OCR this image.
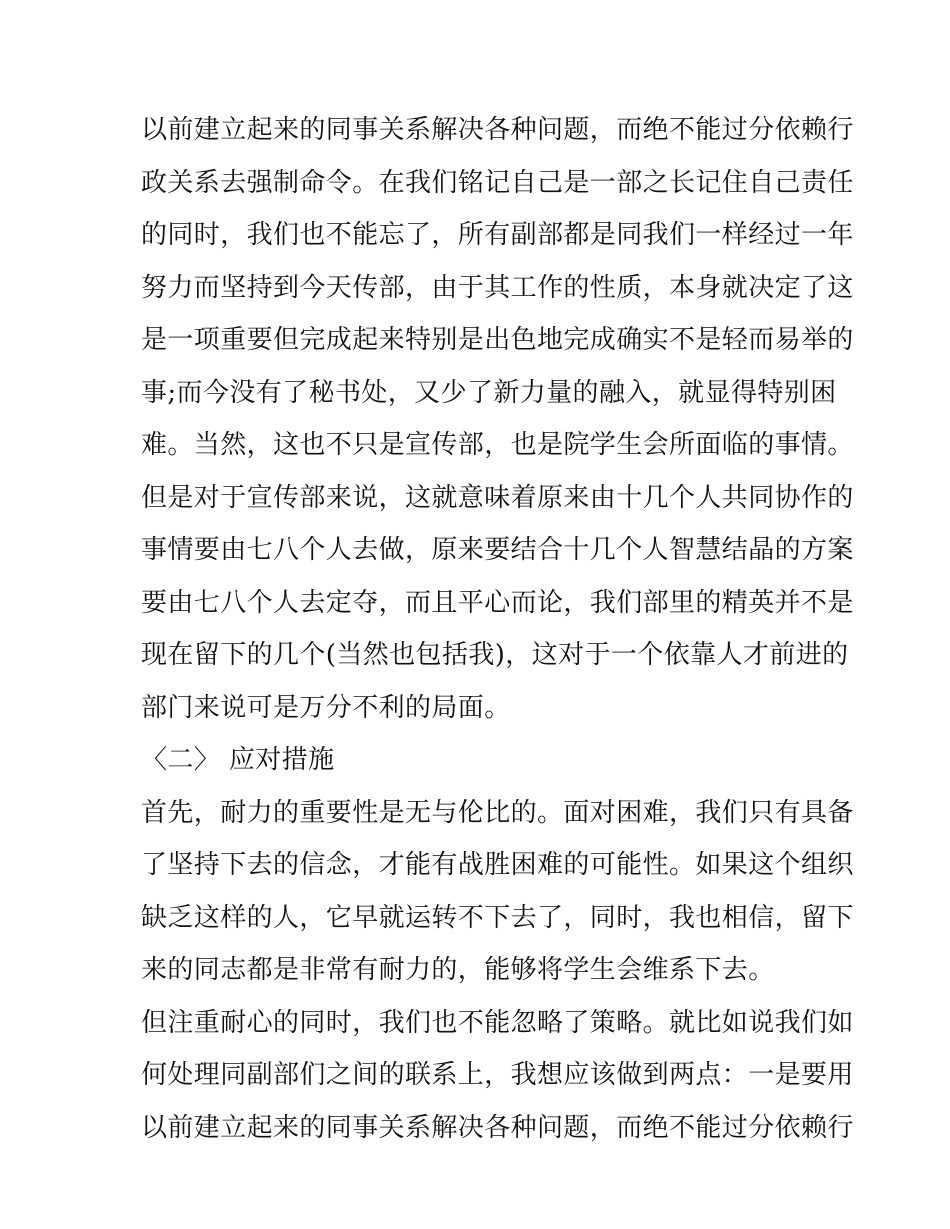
以前建立起来的同事关系解决各种问题，而绝不能过分依赖行
政关系去强制命令。在我们铭记自己是一部之长记住自己责任
的同时，我们也不能忘了，所有副部都是同我们一样经过一年
努力而坚持到今天传部，由于其工作的性质，本身就决定了这
是一项重要但完成起来特别是出色地完成确实不是轻而易举的
事;而今没有了秘书处，又少了新力量的融入，就显得特别困
难。当然，这也不只是宣传部，也是院学生会所面临的事情。
但是对于宣传部来说，这就意味着原来由十几个人共同协作的
事情要由七八个人去做，原来要结合十几个人智慧结晶的方案
要由七八个人去定夺，而且平心而论，我们部里的精英并不是
现在留下的几个(当然也包括我)，这对于一个依靠人才前进的
部门来说可是万分不利的局面。
〈二〉 应对措施
首先，耐力的重要性是无与伦比的。面对困难，我们只有具备
了坚持下去的信念，才能有战胜困难的可能性。如果这个组织
缺乏这样的人，它早就运转不下去了，同时，我也相信，留下
来的同志都是非常有耐力的，能够将学生会维系下去。
但注重耐心的同时，我们也不能忽略了策略。就比如说我们如
何处理同副部们之间的联系上，我想应该做到两点：一是要用
以前建立起来的同事关系解决各种问题，而绝不能过分依赖行
